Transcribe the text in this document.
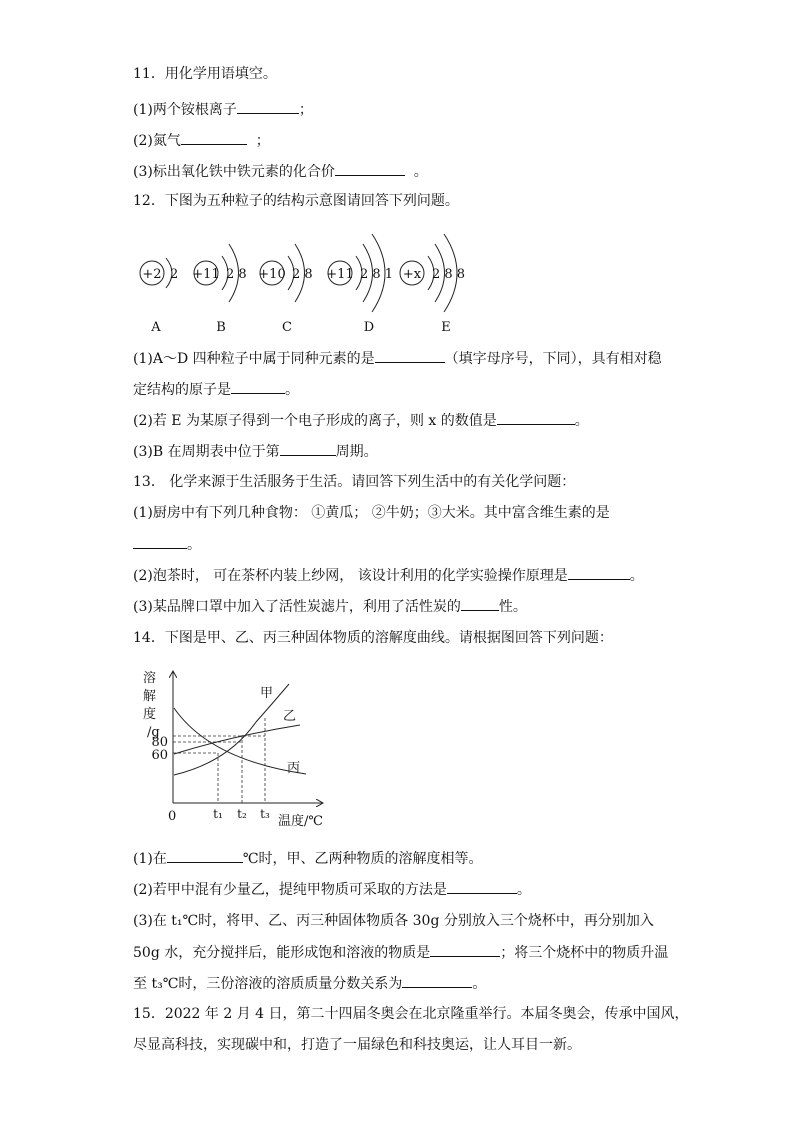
11．用化学用语填空。
(1)两个铵根离子	；
(2)氮气	；
(3)标出氧化铁中铁元素的化合价	。
12．下图为五种粒子的结构示意图请回答下列问题。
+2 2 +11 2 8 +10 2 8 +11 2 8 1 +x 2 8 8
A	B	C	D	E
(1)A～D 四种粒子中属于同种元素的是	（填字母序号，下同），具有相对稳
定结构的原子是	。
(2)若 E 为某原子得到一个电子形成的离子，则 x 的数值是	。
(3)B 在周期表中位于第	周期。
13． 化学来源于生活服务于生活。请回答下列生活中的有关化学问题：
(1)厨房中有下列几种食物： ①黄瓜； ②牛奶；③大米。其中富含维生素的是
。
(2)泡茶时， 可在茶杯内装上纱网， 该设计利用的化学实验操作原理是	。
(3)某品牌口罩中加入了活性炭滤片，利用了活性炭的	性。
14．下图是甲、乙、丙三种固体物质的溶解度曲线。请根据图回答下列问题：
溶
解
度
/g
80
60
0	t₁ t₂ t₃ 温度/℃
甲
乙
丙
(1)在	℃时，甲、乙两种物质的溶解度相等。
(2)若甲中混有少量乙，提纯甲物质可采取的方法是	。
(3)在 t₁℃时，将甲、乙、丙三种固体物质各 30g 分别放入三个烧杯中，再分别加入
50g 水，充分搅拌后，能形成饱和溶液的物质是	；将三个烧杯中的物质升温
至 t₃℃时，三份溶液的溶质质量分数关系为	。
15．2022 年 2 月 4 日，第二十四届冬奥会在北京隆重举行。本届冬奥会，传承中国风，
尽显高科技，实现碳中和，打造了一届绿色和科技奥运，让人耳目一新。
